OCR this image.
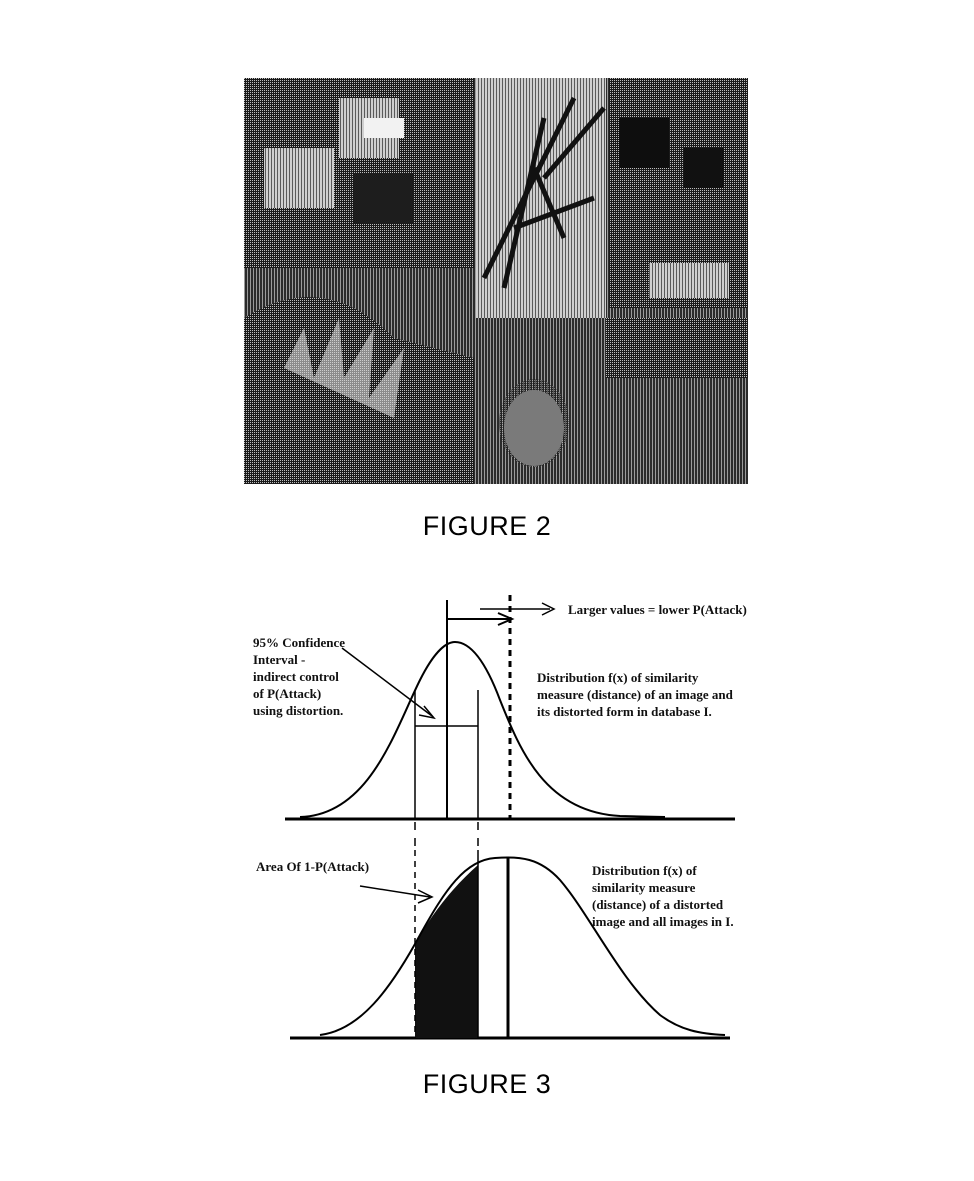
FIGURE 2
Larger values = lower P(Attack)
95% Confidence
Interval -
indirect control
of P(Attack)
using distortion.
Distribution f(x) of similarity
measure (distance) of an image and
its distorted form in database I.
Area Of 1-P(Attack)	Distribution f(x) of
similarity measure
(distance) of a distorted
image and all images in I.
FIGURE 3
